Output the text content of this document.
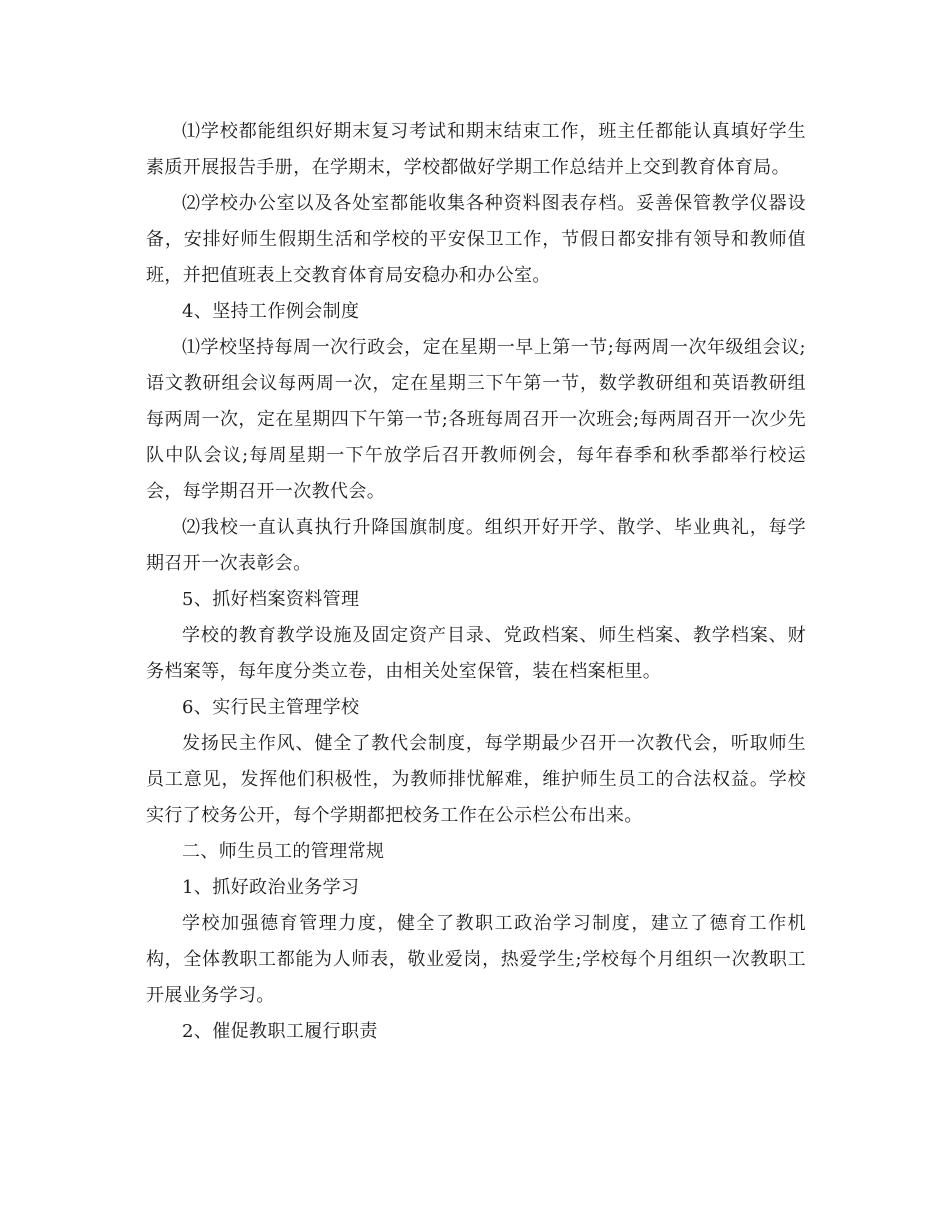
⑴学校都能组织好期末复习考试和期末结束工作，班主任都能认真填好学生素质开展报告手册，在学期末，学校都做好学期工作总结并上交到教育体育局。

⑵学校办公室以及各处室都能收集各种资料图表存档。妥善保管教学仪器设备，安排好师生假期生活和学校的平安保卫工作，节假日都安排有领导和教师值班，并把值班表上交教育体育局安稳办和办公室。

4、坚持工作例会制度

⑴学校坚持每周一次行政会，定在星期一早上第一节;每两周一次年级组会议;语文教研组会议每两周一次，定在星期三下午第一节，数学教研组和英语教研组每两周一次，定在星期四下午第一节;各班每周召开一次班会;每两周召开一次少先队中队会议;每周星期一下午放学后召开教师例会，每年春季和秋季都举行校运会，每学期召开一次教代会。

⑵我校一直认真执行升降国旗制度。组织开好开学、散学、毕业典礼，每学期召开一次表彰会。

5、抓好档案资料管理

学校的教育教学设施及固定资产目录、党政档案、师生档案、教学档案、财务档案等，每年度分类立卷，由相关处室保管，装在档案柜里。

6、实行民主管理学校

发扬民主作风、健全了教代会制度，每学期最少召开一次教代会，听取师生员工意见，发挥他们积极性，为教师排忧解难，维护师生员工的合法权益。学校实行了校务公开，每个学期都把校务工作在公示栏公布出来。

二、师生员工的管理常规

1、抓好政治业务学习

学校加强德育管理力度，健全了教职工政治学习制度，建立了德育工作机构，全体教职工都能为人师表，敬业爱岗，热爱学生;学校每个月组织一次教职工开展业务学习。

2、催促教职工履行职责
